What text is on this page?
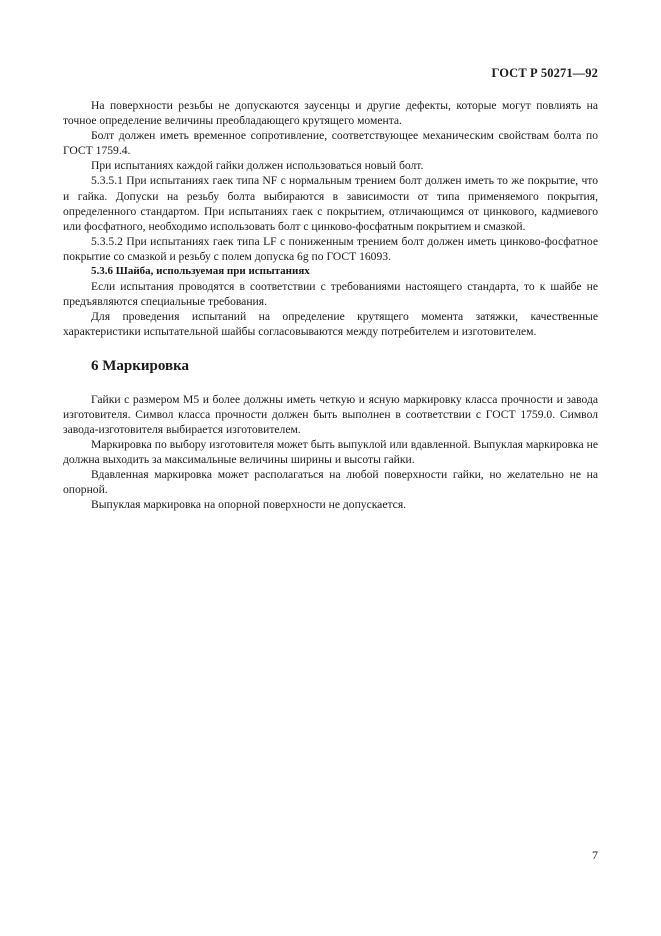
ГОСТ Р 50271—92

На поверхности резьбы не допускаются заусенцы и другие дефекты, которые могут повлиять на точное определение величины преобладающего крутящего момента.

Болт должен иметь временное сопротивление, соответствующее механическим свойствам болта по ГОСТ 1759.4.

При испытаниях каждой гайки должен использоваться новый болт.

5.3.5.1 При испытаниях гаек типа NF с нормальным трением болт должен иметь то же покрытие, что и гайка. Допуски на резьбу болта выбираются в зависимости от типа применяемого покрытия, определенного стандартом. При испытаниях гаек с покрытием, отличающимся от цинкового, кадмиевого или фосфатного, необходимо использовать болт с цинково-фосфатным покрытием и смазкой.

5.3.5.2 При испытаниях гаек типа LF с пониженным трением болт должен иметь цинково-фосфатное покрытие со смазкой и резьбу с полем допуска 6g по ГОСТ 16093.

5.3.6 Шайба, используемая при испытаниях

Если испытания проводятся в соответствии с требованиями настоящего стандарта, то к шайбе не предъявляются специальные требования.

Для проведения испытаний на определение крутящего момента затяжки, качественные характеристики испытательной шайбы согласовываются между потребителем и изготовителем.

6 Маркировка

Гайки с размером М5 и более должны иметь четкую и ясную маркировку класса прочности и завода изготовителя. Символ класса прочности должен быть выполнен в соответствии с ГОСТ 1759.0. Символ завода-изготовителя выбирается изготовителем.

Маркировка по выбору изготовителя может быть выпуклой или вдавленной. Выпуклая маркировка не должна выходить за максимальные величины ширины и высоты гайки.

Вдавленная маркировка может располагаться на любой поверхности гайки, но желательно не на опорной.

Выпуклая маркировка на опорной поверхности не допускается.

7
